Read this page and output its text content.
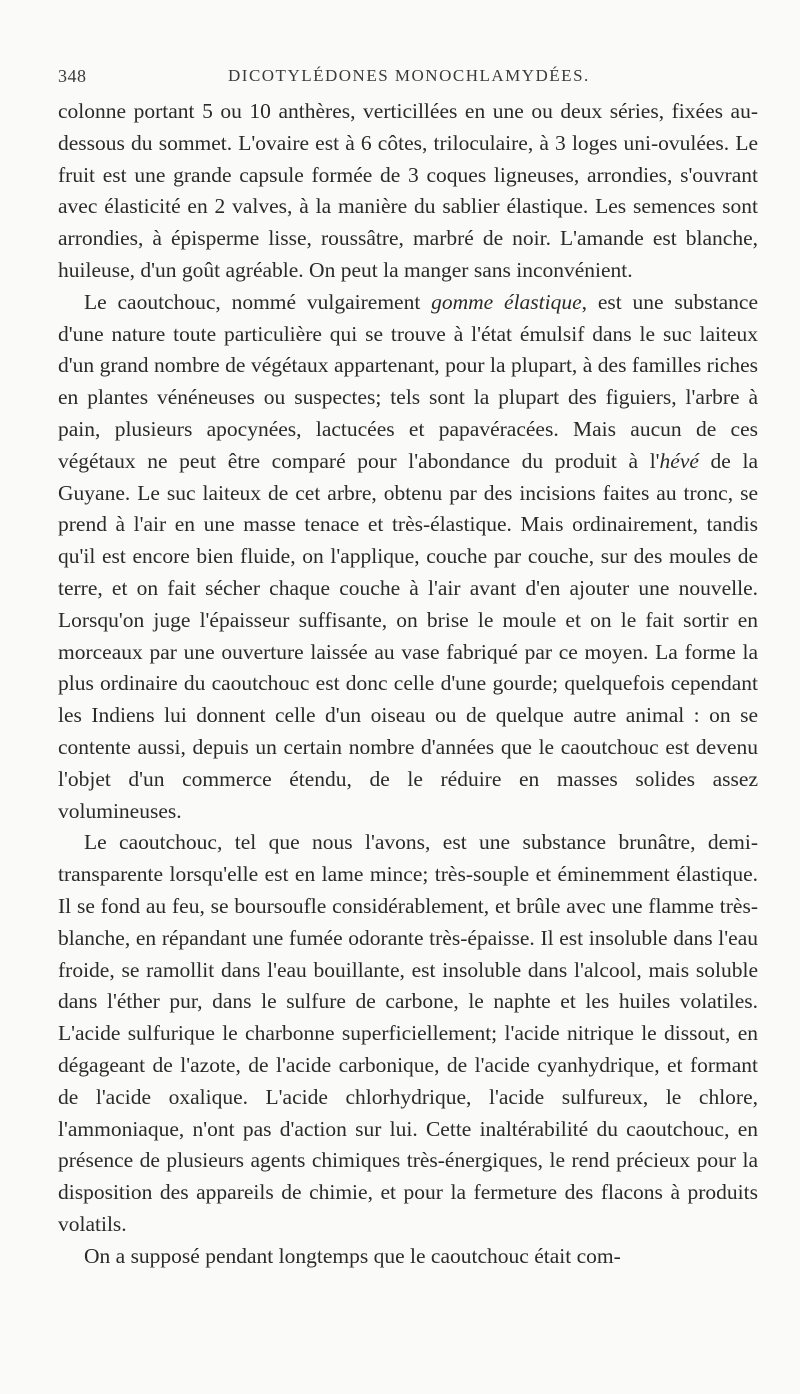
348	DICOTYLÉDONES MONOCHLAMYDÉES.

colonne portant 5 ou 10 anthères, verticillées en une ou deux séries, fixées au-dessous du sommet. L'ovaire est à 6 côtes, triloculaire, à 3 loges uni-ovulées. Le fruit est une grande capsule formée de 3 coques ligneuses, arrondies, s'ouvrant avec élasticité en 2 valves, à la manière du sablier élastique. Les semences sont arrondies, à épisperme lisse, roussâtre, marbré de noir. L'amande est blanche, huileuse, d'un goût agréable. On peut la manger sans inconvénient.

Le caoutchouc, nommé vulgairement gomme élastique, est une substance d'une nature toute particulière qui se trouve à l'état émulsif dans le suc laiteux d'un grand nombre de végétaux appartenant, pour la plupart, à des familles riches en plantes vénéneuses ou suspectes; tels sont la plupart des figuiers, l'arbre à pain, plusieurs apocynées, lactucées et papavéracées. Mais aucun de ces végétaux ne peut être comparé pour l'abondance du produit à l'hévé de la Guyane. Le suc laiteux de cet arbre, obtenu par des incisions faites au tronc, se prend à l'air en une masse tenace et très-élastique. Mais ordinairement, tandis qu'il est encore bien fluide, on l'applique, couche par couche, sur des moules de terre, et on fait sécher chaque couche à l'air avant d'en ajouter une nouvelle. Lorsqu'on juge l'épaisseur suffisante, on brise le moule et on le fait sortir en morceaux par une ouverture laissée au vase fabriqué par ce moyen. La forme la plus ordinaire du caoutchouc est donc celle d'une gourde; quelquefois cependant les Indiens lui donnent celle d'un oiseau ou de quelque autre animal : on se contente aussi, depuis un certain nombre d'années que le caoutchouc est devenu l'objet d'un commerce étendu, de le réduire en masses solides assez volumineuses.

Le caoutchouc, tel que nous l'avons, est une substance brunâtre, demi-transparente lorsqu'elle est en lame mince; très-souple et éminemment élastique. Il se fond au feu, se boursoufle considérablement, et brûle avec une flamme très-blanche, en répandant une fumée odorante très-épaisse. Il est insoluble dans l'eau froide, se ramollit dans l'eau bouillante, est insoluble dans l'alcool, mais soluble dans l'éther pur, dans le sulfure de carbone, le naphte et les huiles volatiles. L'acide sulfurique le charbonne superficiellement; l'acide nitrique le dissout, en dégageant de l'azote, de l'acide carbonique, de l'acide cyanhydrique, et formant de l'acide oxalique. L'acide chlorhydrique, l'acide sulfureux, le chlore, l'ammoniaque, n'ont pas d'action sur lui. Cette inaltérabilité du caoutchouc, en présence de plusieurs agents chimiques très-énergiques, le rend précieux pour la disposition des appareils de chimie, et pour la fermeture des flacons à produits volatils.

On a supposé pendant longtemps que le caoutchouc était com-
